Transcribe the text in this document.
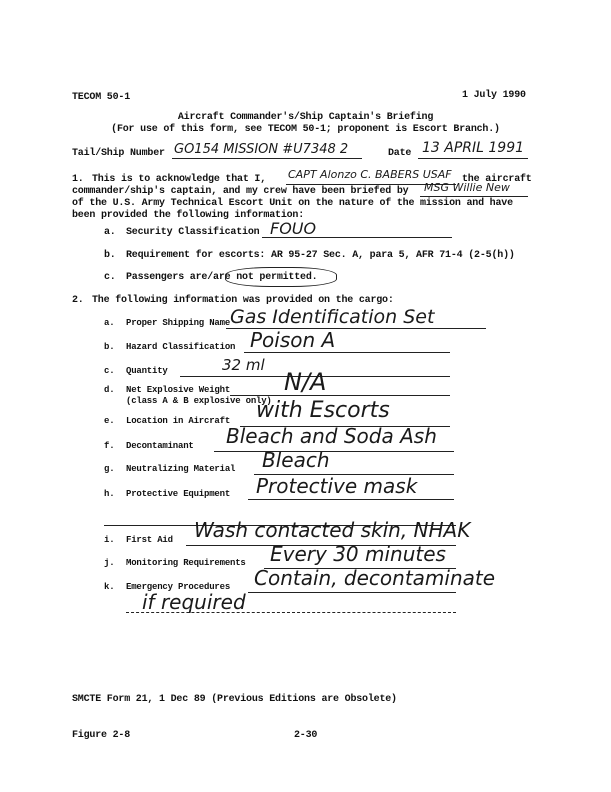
TECOM 50-1	1 July 1990
Aircraft Commander's/Ship Captain's Briefing
(For use of this form, see TECOM 50-1; proponent is Escort Branch.)
Tail/Ship Number GO154 MISSION #U7348 2	Date 13 APRIL 1991
1. This is to acknowledge that I, CAPT Alonzo C. BABERS USAF the aircraft
commander/ship's captain, and my crew have been briefed by MSG Willie New
of the U.S. Army Technical Escort Unit on the nature of the mission and have
been provided the following information:
a. Security Classification FOUO
b. Requirement for escorts: AR 95-27 Sec. A, para 5, AFR 71-4 (2-5(h))
c. Passengers are/are not permitted.
2. The following information was provided on the cargo:
a. Proper Shipping Name Gas Identification Set
b. Hazard Classification Poison A
c. Quantity	32 ml
d. Net Explosive Weight
(class A & B explosive only)
N/A
e. Location in Aircraft with Escorts
f. Decontaminant Bleach and Soda Ash
g. Neutralizing Material Bleach
h. Protective Equipment Protective mask
i. First Aid Wash contacted skin, NHAK
j. Monitoring Requirements Every 30 minutes
k. Emergency Procedures Contain, decontaminate
if required
SMCTE Form 21, 1 Dec 89 (Previous Editions are Obsolete)
Figure 2-8	2-30
